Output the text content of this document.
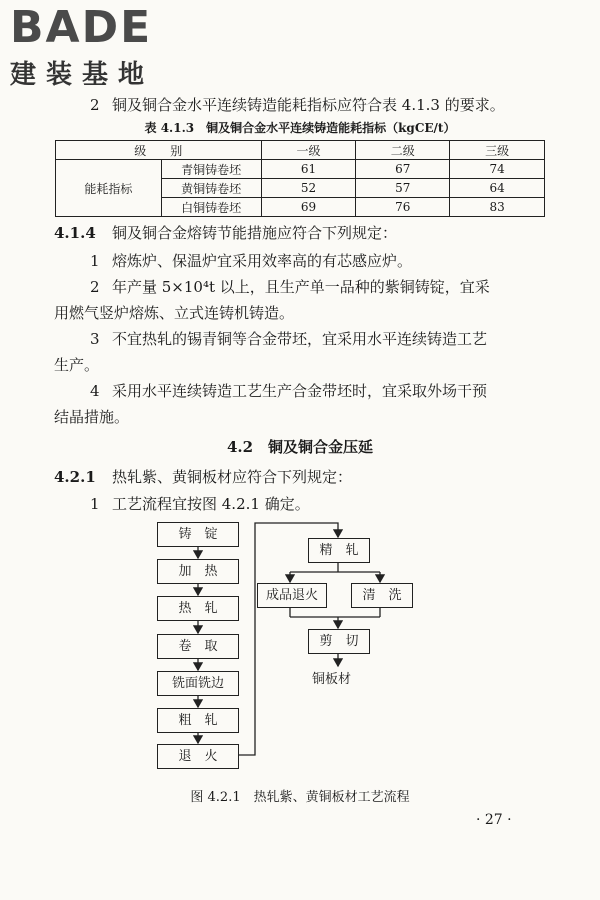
BADE
建装基地
2 铜及铜合金水平连续铸造能耗指标应符合表 4.1.3 的要求。
表 4.1.3　铜及铜合金水平连续铸造能耗指标（kgCE/t）
级　　别		一级	二级	三级
能耗指标	青铜铸卷坯	61	67	74
	黄铜铸卷坯	52	57	64
	白铜铸卷坯	69	76	83
4.1.4 铜及铜合金熔铸节能措施应符合下列规定：
1 熔炼炉、保温炉宜采用效率高的有芯感应炉。
2 年产量 5×10⁴t 以上，且生产单一品种的紫铜铸锭，宜采
用燃气竖炉熔炼、立式连铸机铸造。
3 不宜热轧的锡青铜等合金带坯，宜采用水平连续铸造工艺
生产。
4 采用水平连续铸造工艺生产合金带坯时，宜采取外场干预
结晶措施。
4.2　铜及铜合金压延
4.2.1 热轧紫、黄铜板材应符合下列规定：
1 工艺流程宜按图 4.2.1 确定。
铸　锭
加　热
热　轧
卷　取
铣面铣边
粗　轧
退　火
精　轧
成品退火	清　洗
剪　切
铜板材
图 4.2.1　热轧紫、黄铜板材工艺流程
· 27 ·
